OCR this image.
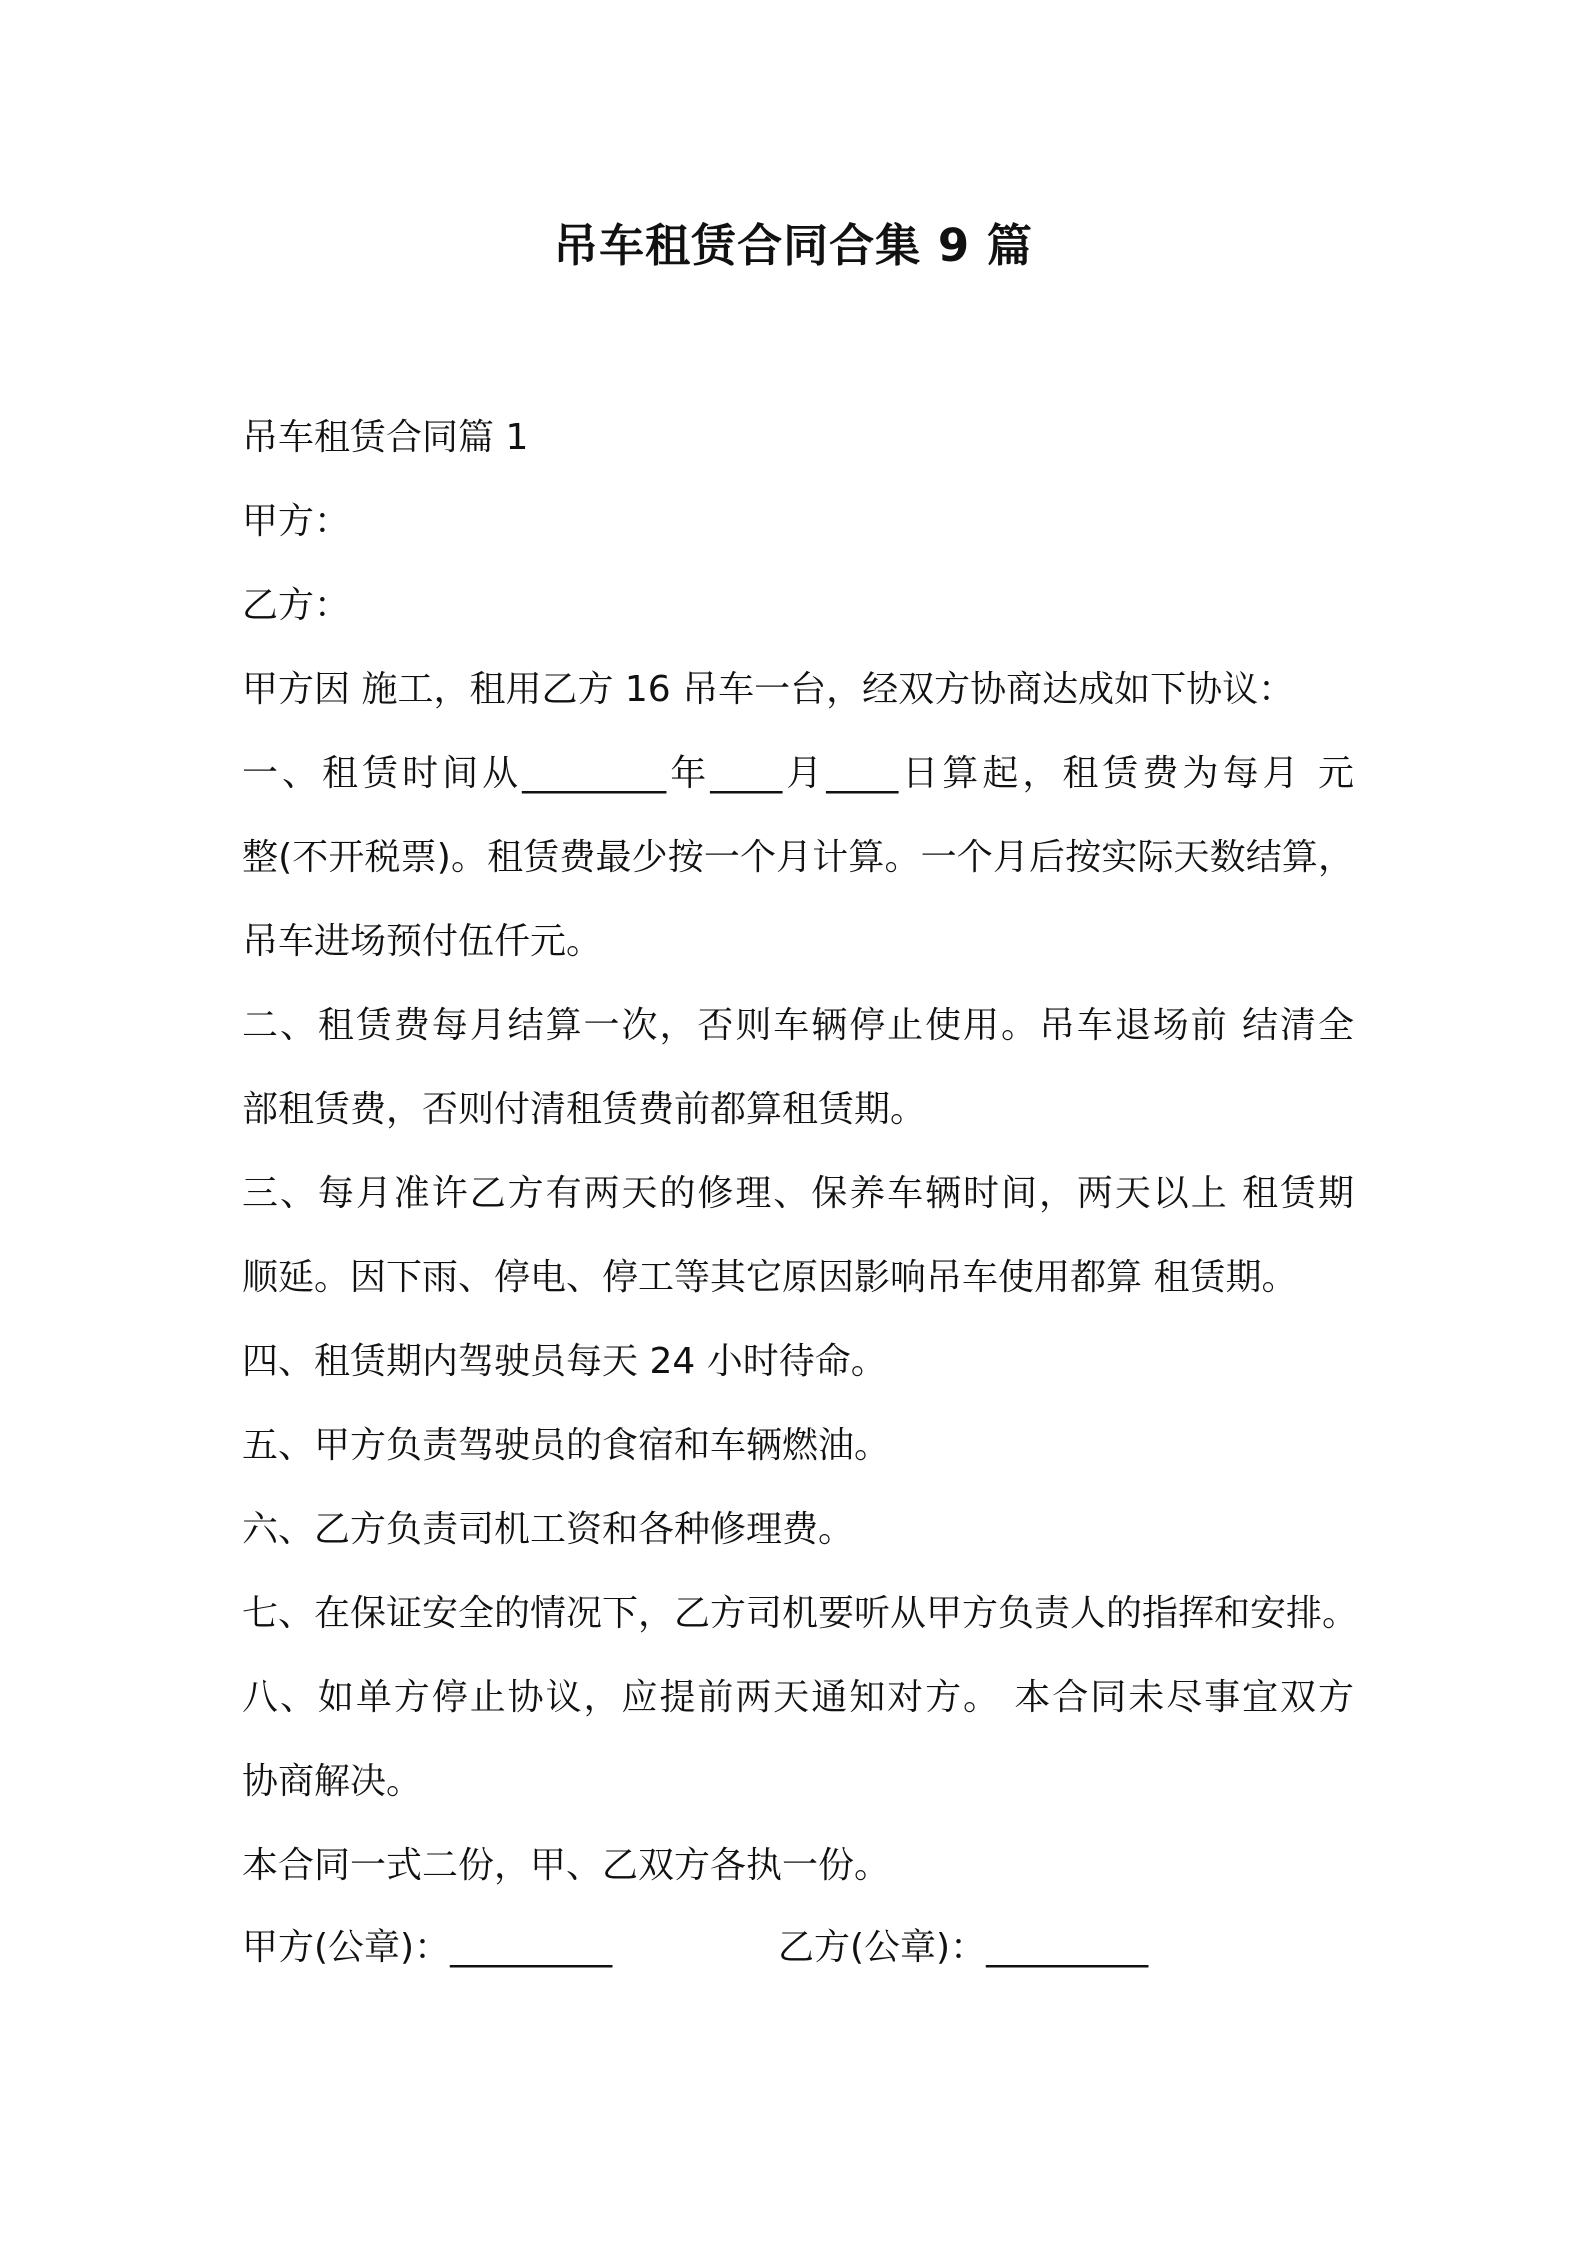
吊车租赁合同合集 9 篇
吊车租赁合同篇 1
甲方：
乙方：
甲方因 施工，租用乙方 16 吊车一台，经双方协商达成如下协议：
一、租赁时间从________年____月____日算起，租赁费为每月 元
整(不开税票)。租赁费最少按一个月计算。一个月后按实际天数结算，
吊车进场预付伍仟元。
二、租赁费每月结算一次，否则车辆停止使用。吊车退场前 结清全
部租赁费，否则付清租赁费前都算租赁期。
三、每月准许乙方有两天的修理、保养车辆时间，两天以上 租赁期
顺延。因下雨、停电、停工等其它原因影响吊车使用都算 租赁期。
四、租赁期内驾驶员每天 24 小时待命。
五、甲方负责驾驶员的食宿和车辆燃油。
六、乙方负责司机工资和各种修理费。
七、在保证安全的情况下，乙方司机要听从甲方负责人的指挥和安排。
八、如单方停止协议，应提前两天通知对方。 本合同未尽事宜双方
协商解决。
本合同一式二份，甲、乙双方各执一份。
甲方(公章)：_________	乙方(公章)：_________
